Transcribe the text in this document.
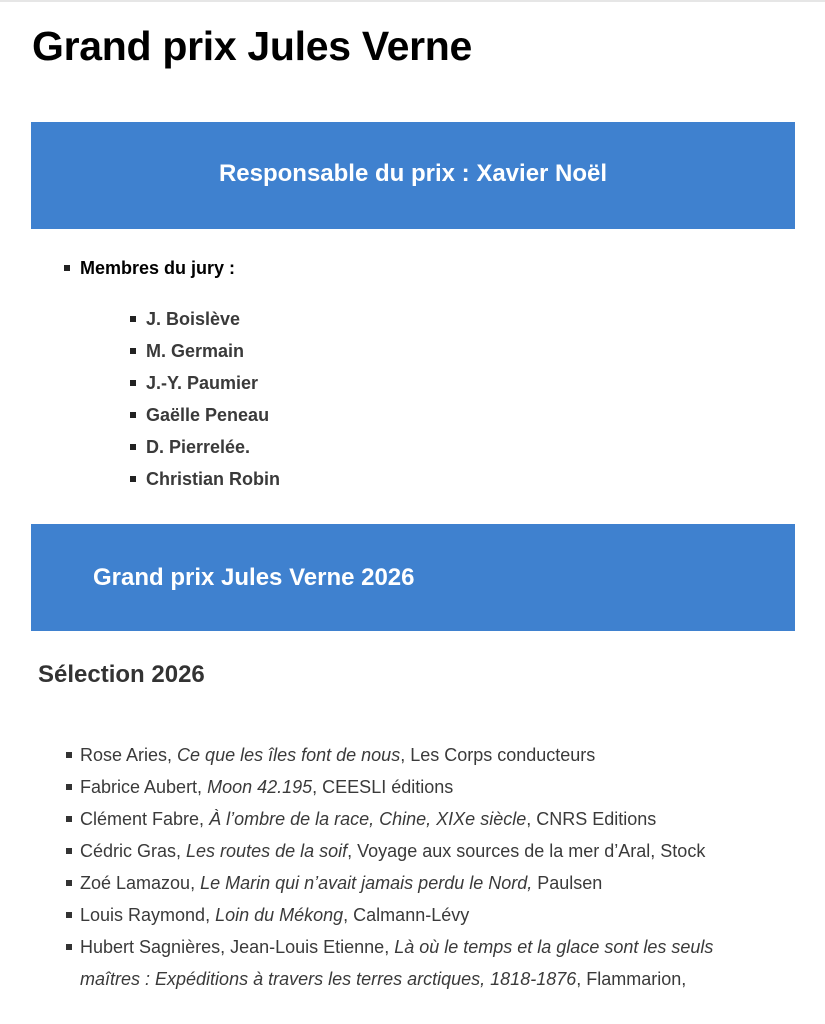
Grand prix Jules Verne
Responsable du prix : Xavier Noël
Membres du jury :
J. Boislève
M. Germain
J.-Y. Paumier
Gaëlle Peneau
D. Pierrelée.
Christian Robin
Grand prix Jules Verne 2026
Sélection 2026
Rose Aries, Ce que les îles font de nous, Les Corps conducteurs
Fabrice Aubert, Moon 42.195, CEESLI éditions
Clément Fabre, À l’ombre de la race, Chine, XIXe siècle, CNRS Editions
Cédric Gras, Les routes de la soif, Voyage aux sources de la mer d’Aral, Stock
Zoé Lamazou, Le Marin qui n’avait jamais perdu le Nord, Paulsen
Louis Raymond, Loin du Mékong, Calmann-Lévy
Hubert Sagnières, Jean-Louis Etienne, Là où le temps et la glace sont les seuls maîtres : Expéditions à travers les terres arctiques, 1818-1876, Flammarion,
